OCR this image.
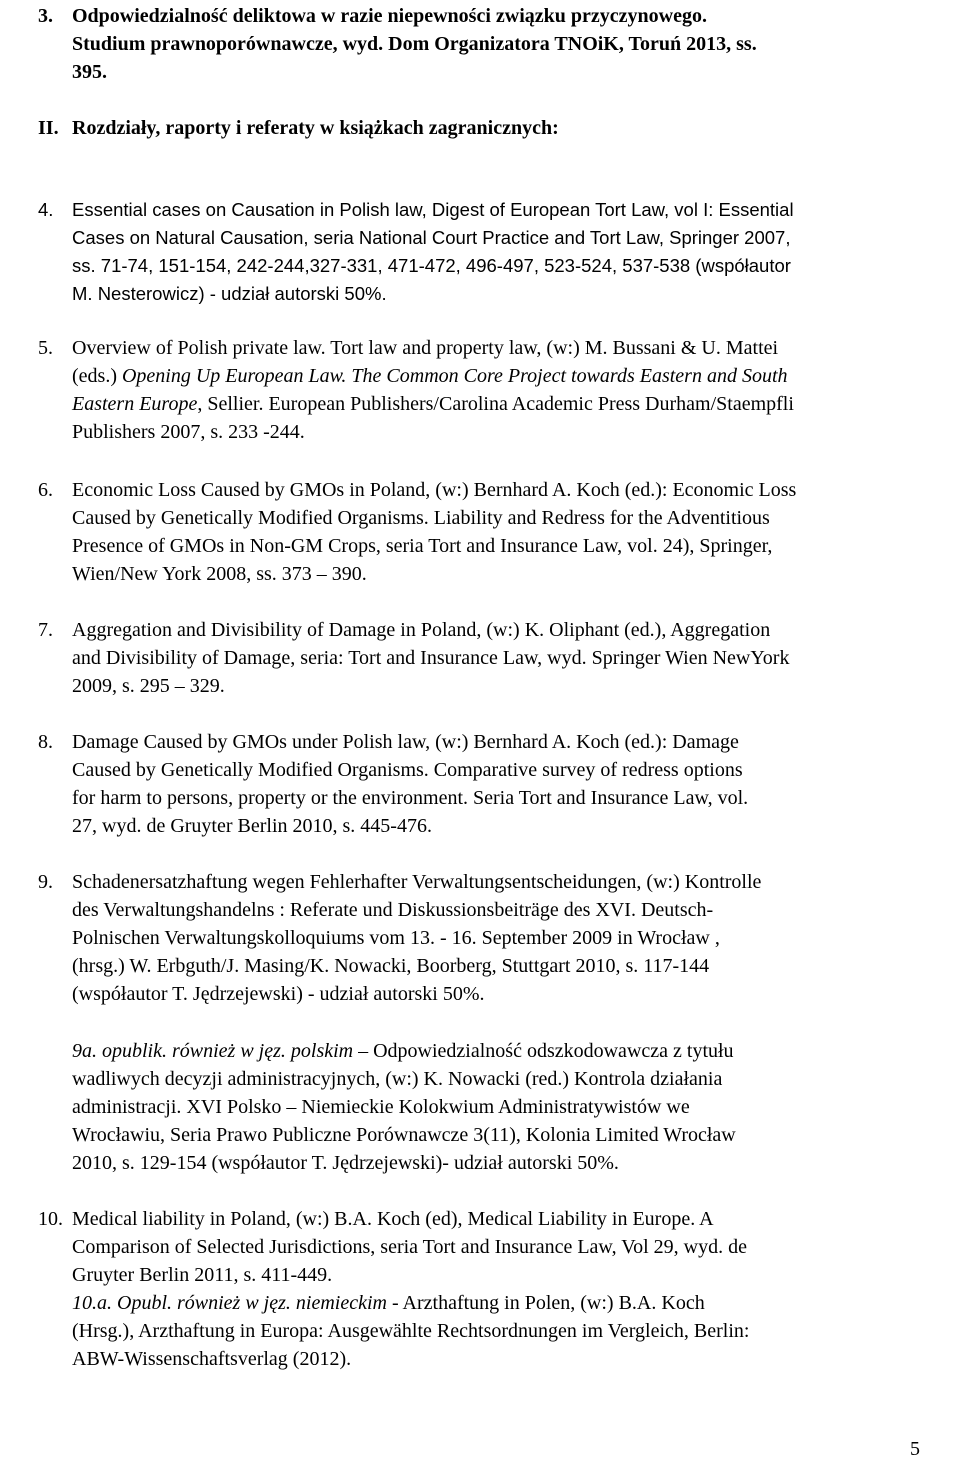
3. Odpowiedzialność deliktowa w razie niepewności związku przyczynowego.
Studium prawnoporównawcze, wyd. Dom Organizatora TNOiK, Toruń 2013, ss.
395.
II. Rozdziały, raporty i referaty w książkach zagranicznych:
4. Essential cases on Causation in Polish law, Digest of European Tort Law, vol I: Essential
Cases on Natural Causation, seria National Court Practice and Tort Law, Springer 2007,
ss. 71-74, 151-154, 242-244,327-331, 471-472, 496-497, 523-524, 537-538 (współautor
M. Nesterowicz) - udział autorski 50%.
5. Overview of Polish private law. Tort law and property law, (w:) M. Bussani & U. Mattei
(eds.) Opening Up European Law. The Common Core Project towards Eastern and South
Eastern Europe, Sellier. European Publishers/Carolina Academic Press Durham/Staempfli
Publishers 2007, s. 233 -244.
6. Economic Loss Caused by GMOs in Poland, (w:) Bernhard A. Koch (ed.): Economic Loss
Caused by Genetically Modified Organisms. Liability and Redress for the Adventitious
Presence of GMOs in Non-GM Crops, seria Tort and Insurance Law, vol. 24), Springer,
Wien/New York 2008, ss. 373 – 390.
7. Aggregation and Divisibility of Damage in Poland, (w:) K. Oliphant (ed.), Aggregation
and Divisibility of Damage, seria: Tort and Insurance Law, wyd. Springer Wien NewYork
2009, s. 295 – 329.
8. Damage Caused by GMOs under Polish law, (w:) Bernhard A. Koch (ed.): Damage
Caused by Genetically Modified Organisms. Comparative survey of redress options
for harm to persons, property or the environment. Seria Tort and Insurance Law, vol.
27, wyd. de Gruyter Berlin 2010, s. 445-476.
9. Schadenersatzhaftung wegen Fehlerhafter Verwaltungsentscheidungen, (w:) Kontrolle
des Verwaltungshandelns : Referate und Diskussionsbeiträge des XVI. Deutsch-
Polnischen Verwaltungskolloquiums vom 13. - 16. September 2009 in Wrocław ,
(hrsg.) W. Erbguth/J. Masing/K. Nowacki, Boorberg, Stuttgart 2010, s. 117-144
(współautor T. Jędrzejewski) - udział autorski 50%.
9a. opublik. również w jęz. polskim – Odpowiedzialność odszkodowawcza z tytułu
wadliwych decyzji administracyjnych, (w:) K. Nowacki (red.) Kontrola działania
administracji. XVI Polsko – Niemieckie Kolokwium Administratywistów we
Wrocławiu, Seria Prawo Publiczne Porównawcze 3(11), Kolonia Limited Wrocław
2010, s. 129-154 (współautor T. Jędrzejewski)- udział autorski 50%.
10. Medical liability in Poland, (w:) B.A. Koch (ed), Medical Liability in Europe. A
Comparison of Selected Jurisdictions, seria Tort and Insurance Law, Vol 29, wyd. de
Gruyter Berlin 2011, s. 411-449.
10.a. Opubl. również w jęz. niemieckim - Arzthaftung in Polen, (w:) B.A. Koch
(Hrsg.), Arzthaftung in Europa: Ausgewählte Rechtsordnungen im Vergleich, Berlin:
ABW-Wissenschaftsverlag (2012).
5
